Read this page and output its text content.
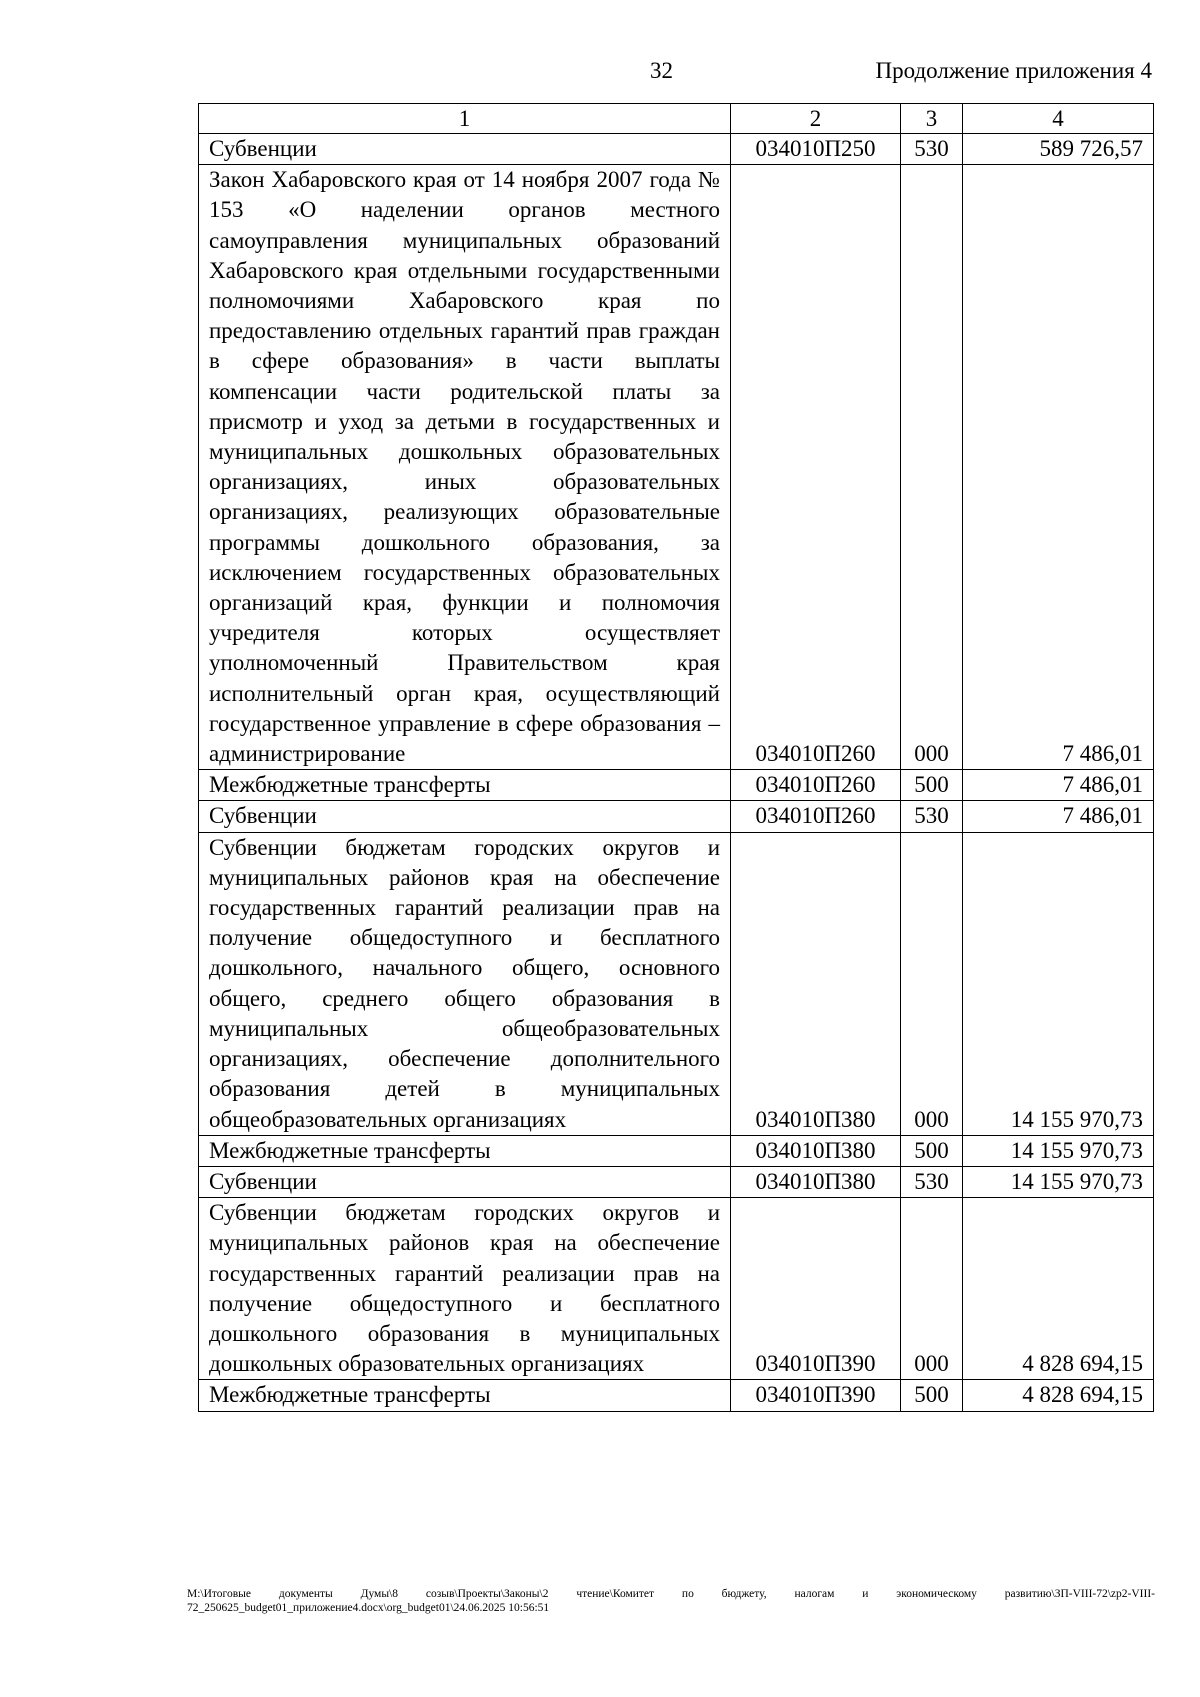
32	Продолжение приложения 4
1	2	3	4
Субвенции	034010П250	530	589 726,57
Закон Хабаровского края от 14 ноября 2007 года № 153 «О наделении органов местного самоуправления муниципальных образований Хабаровского края отдельными государственными полномочиями Хабаровского края по предоставлению отдельных гарантий прав граждан в сфере образования» в части выплаты компенсации части родительской платы за присмотр и уход за детьми в государственных и муниципальных дошкольных образовательных организациях, иных образовательных организациях, реализующих образовательные программы дошкольного образования, за исключением государственных образовательных организаций края, функции и полномочия учредителя которых осуществляет уполномоченный Правительством края исполнительный орган края, осуществляющий государственное управление в сфере образования – администрирование	034010П260	000	7 486,01
Межбюджетные трансферты	034010П260	500	7 486,01
Субвенции	034010П260	530	7 486,01
Субвенции бюджетам городских округов и муниципальных районов края на обеспечение государственных гарантий реализации прав на получение общедоступного и бесплатного дошкольного, начального общего, основного общего, среднего общего образования в муниципальных общеобразовательных организациях, обеспечение дополнительного образования детей в муниципальных общеобразовательных организациях	034010П380	000	14 155 970,73
Межбюджетные трансферты	034010П380	500	14 155 970,73
Субвенции	034010П380	530	14 155 970,73
Субвенции бюджетам городских округов и муниципальных районов края на обеспечение государственных гарантий реализации прав на получение общедоступного и бесплатного дошкольного образования в муниципальных дошкольных образовательных организациях	034010П390	000	4 828 694,15
Межбюджетные трансферты	034010П390	500	4 828 694,15
M:\Итоговые документы Думы\8 созыв\Проекты\Законы\2 чтение\Комитет по бюджету, налогам и экономическому развитию\ЗП-VIII-72\zp2-VIII-72_250625_budget01_приложение4.docx\org_budget01\24.06.2025 10:56:51
